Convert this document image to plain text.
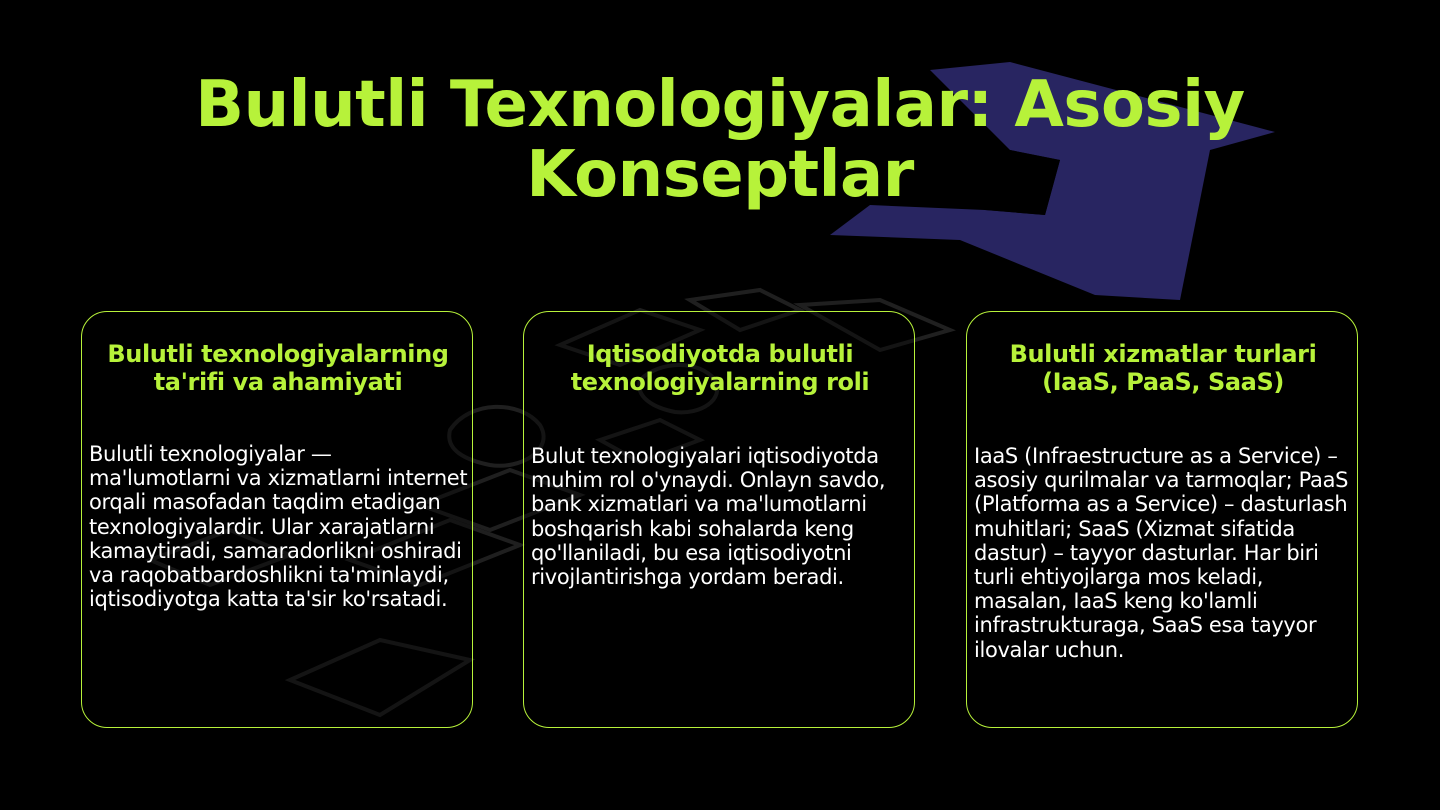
Bulutli Texnologiyalar: Asosiy Konseptlar
Bulutli texnologiyalarning ta'rifi va ahamiyati

Bulutli texnologiyalar — ma'lumotlarni va xizmatlarni internet orqali masofadan taqdim etadigan texnologiyalardir. Ular xarajatlarni kamaytiradi, samaradorlikni oshiradi va raqobatbardoshlikni ta'minlaydi, iqtisodiyotga katta ta'sir ko'rsatadi.

Iqtisodiyotda bulutli texnologiyalarning roli

Bulut texnologiyalari iqtisodiyotda muhim rol o'ynaydi. Onlayn savdo, bank xizmatlari va ma'lumotlarni boshqarish kabi sohalarda keng qo'llaniladi, bu esa iqtisodiyotni rivojlantirishga yordam beradi.

Bulutli xizmatlar turlari (IaaS, PaaS, SaaS)

IaaS (Infraestructure as a Service) – asosiy qurilmalar va tarmoqlar; PaaS (Platforma as a Service) – dasturlash muhitlari; SaaS (Xizmat sifatida dastur) – tayyor dasturlar. Har biri turli ehtiyojlarga mos keladi, masalan, IaaS keng ko'lamli infrastrukturaga, SaaS esa tayyor ilovalar uchun.
